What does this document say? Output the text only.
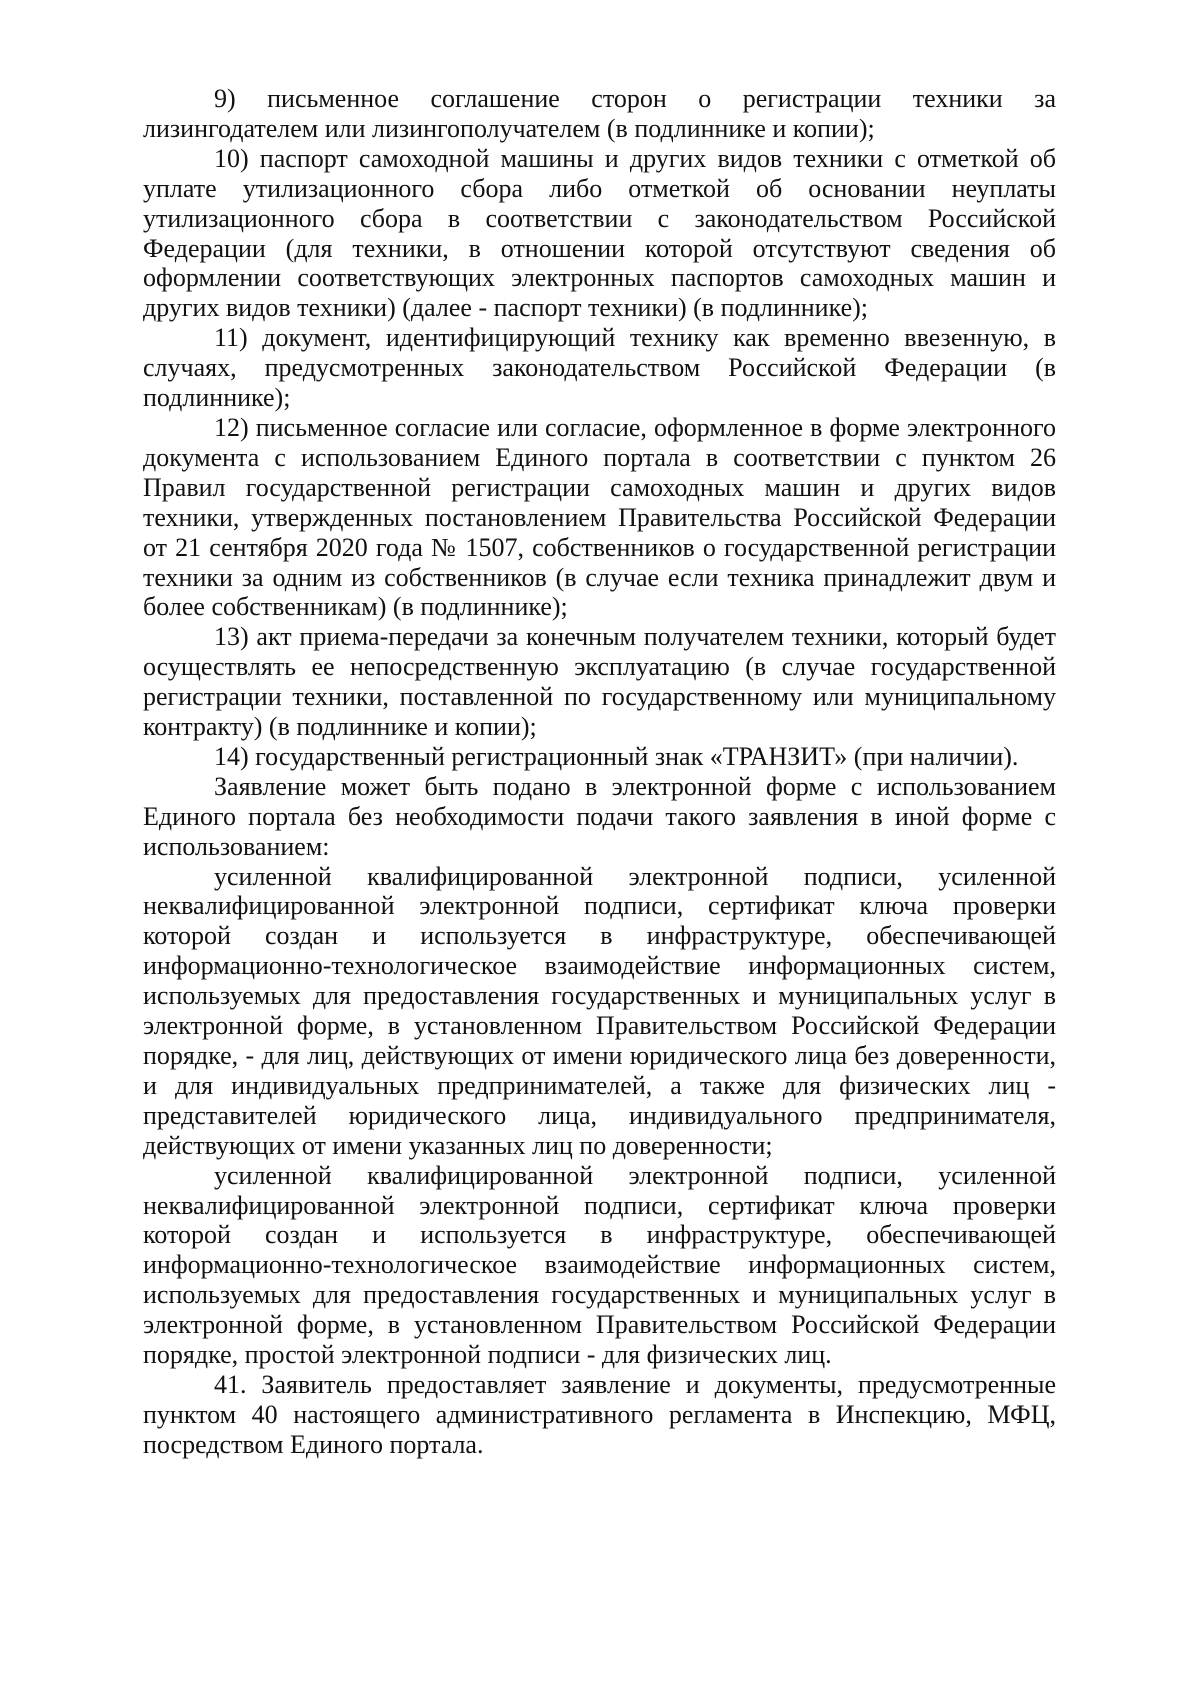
9) письменное соглашение сторон о регистрации техники за лизингодателем или лизингополучателем (в подлиннике и копии);

10) паспорт самоходной машины и других видов техники с отметкой об уплате утилизационного сбора либо отметкой об основании неуплаты утилизационного сбора в соответствии с законодательством Российской Федерации (для техники, в отношении которой отсутствуют сведения об оформлении соответствующих электронных паспортов самоходных машин и других видов техники) (далее - паспорт техники) (в подлиннике);

11) документ, идентифицирующий технику как временно ввезенную, в случаях, предусмотренных законодательством Российской Федерации (в подлиннике);

12) письменное согласие или согласие, оформленное в форме электронного документа с использованием Единого портала в соответствии с пунктом 26 Правил государственной регистрации самоходных машин и других видов техники, утвержденных постановлением Правительства Российской Федерации от 21 сентября 2020 года № 1507, собственников о государственной регистрации техники за одним из собственников (в случае если техника принадлежит двум и более собственникам) (в подлиннике);

13) акт приема-передачи за конечным получателем техники, который будет осуществлять ее непосредственную эксплуатацию (в случае государственной регистрации техники, поставленной по государственному или муниципальному контракту) (в подлиннике и копии);

14) государственный регистрационный знак «ТРАНЗИТ» (при наличии).

Заявление может быть подано в электронной форме с использованием Единого портала без необходимости подачи такого заявления в иной форме с использованием:

усиленной квалифицированной электронной подписи, усиленной неквалифицированной электронной подписи, сертификат ключа проверки которой создан и используется в инфраструктуре, обеспечивающей информационно-технологическое взаимодействие информационных систем, используемых для предоставления государственных и муниципальных услуг в электронной форме, в установленном Правительством Российской Федерации порядке, - для лиц, действующих от имени юридического лица без доверенности, и для индивидуальных предпринимателей, а также для физических лиц - представителей юридического лица, индивидуального предпринимателя, действующих от имени указанных лиц по доверенности;

усиленной квалифицированной электронной подписи, усиленной неквалифицированной электронной подписи, сертификат ключа проверки которой создан и используется в инфраструктуре, обеспечивающей информационно-технологическое взаимодействие информационных систем, используемых для предоставления государственных и муниципальных услуг в электронной форме, в установленном Правительством Российской Федерации порядке, простой электронной подписи - для физических лиц.

41. Заявитель предоставляет заявление и документы, предусмотренные пунктом 40 настоящего административного регламента в Инспекцию, МФЦ, посредством Единого портала.
